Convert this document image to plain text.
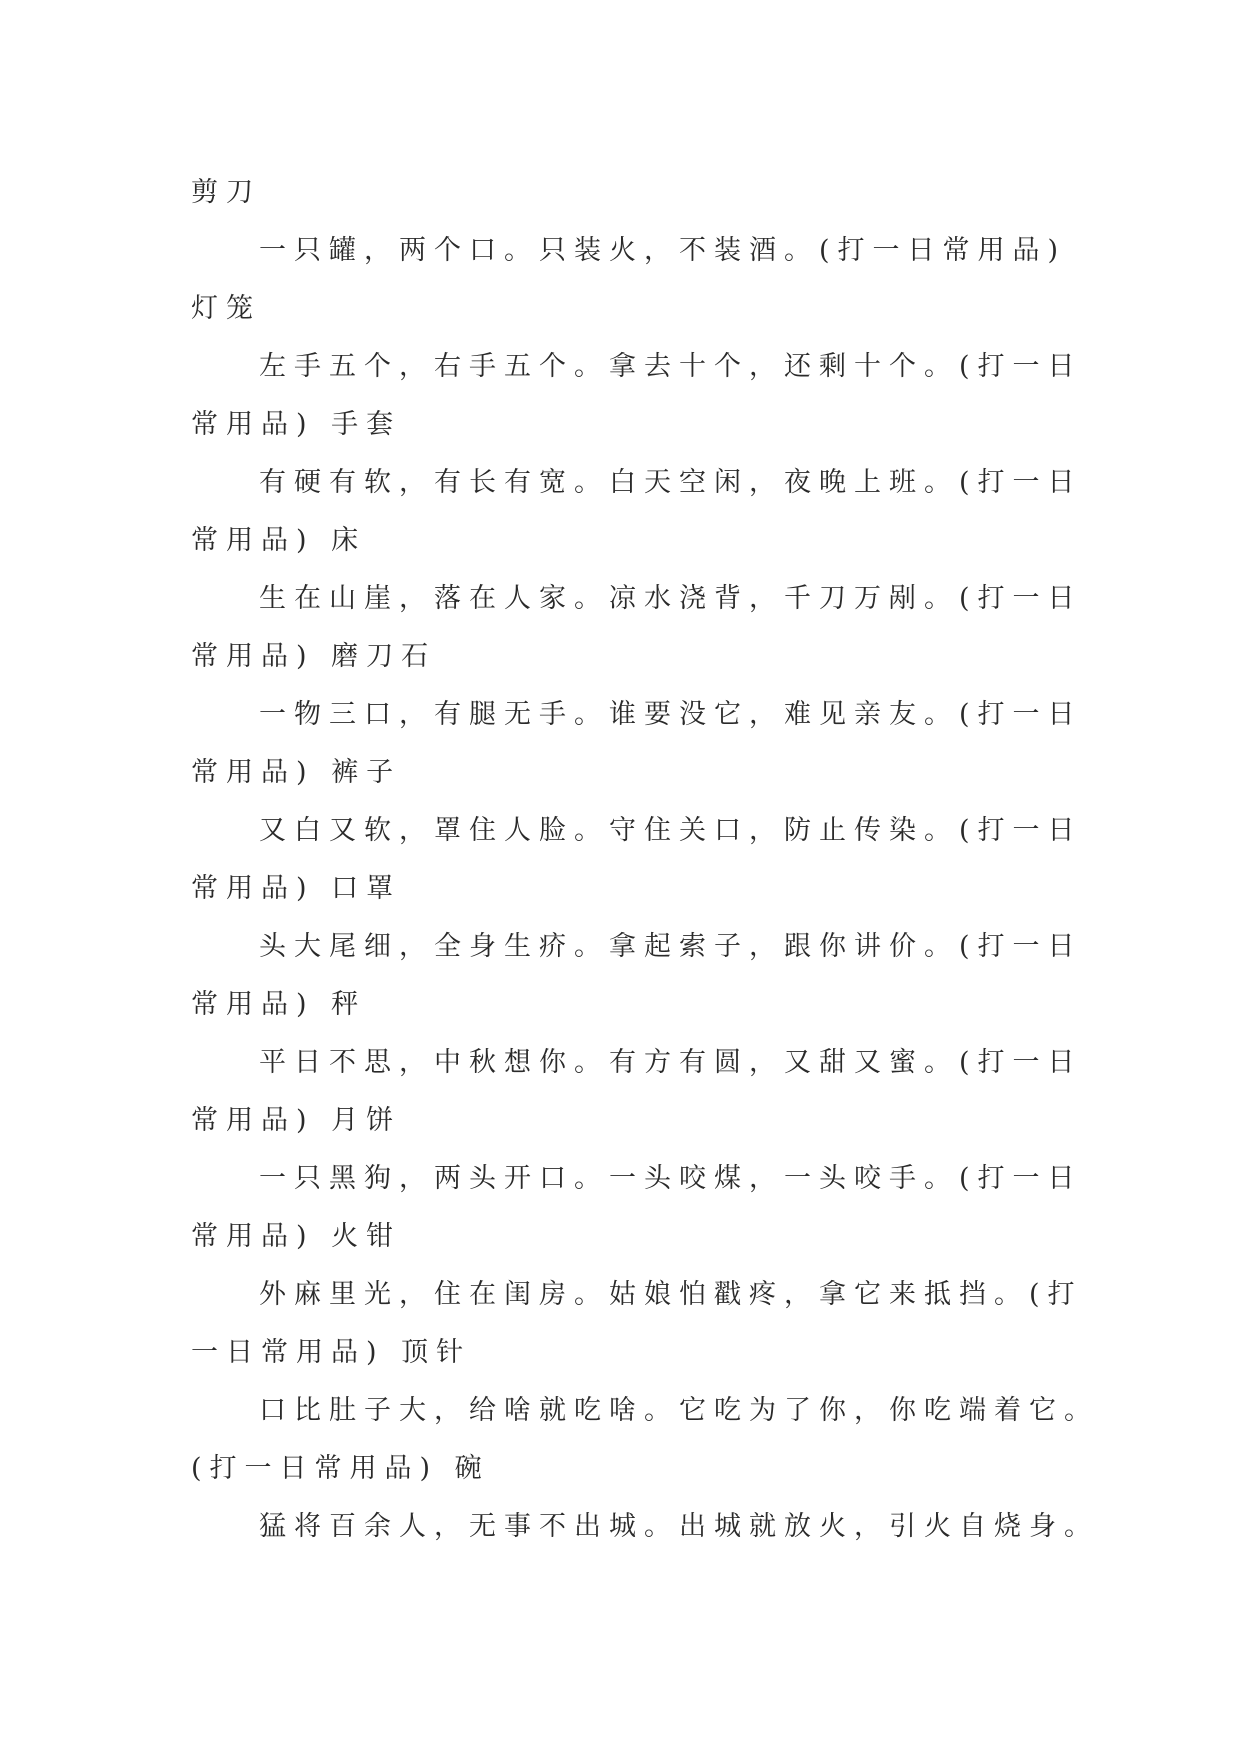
剪刀
一只罐，两个口。只装火，不装酒。(打一日常用品)
灯笼
左手五个，右手五个。拿去十个，还剩十个。(打一日
常用品) 手套
有硬有软，有长有宽。白天空闲，夜晚上班。(打一日
常用品) 床
生在山崖，落在人家。凉水浇背，千刀万剐。(打一日
常用品) 磨刀石
一物三口，有腿无手。谁要没它，难见亲友。(打一日
常用品) 裤子
又白又软，罩住人脸。守住关口，防止传染。(打一日
常用品) 口罩
头大尾细，全身生疥。拿起索子，跟你讲价。(打一日
常用品) 秤
平日不思，中秋想你。有方有圆，又甜又蜜。(打一日
常用品) 月饼
一只黑狗，两头开口。一头咬煤，一头咬手。(打一日
常用品) 火钳
外麻里光，住在闺房。姑娘怕戳疼，拿它来抵挡。(打
一日常用品) 顶针
口比肚子大，给啥就吃啥。它吃为了你，你吃端着它。
(打一日常用品) 碗
猛将百余人，无事不出城。出城就放火，引火自烧身。
